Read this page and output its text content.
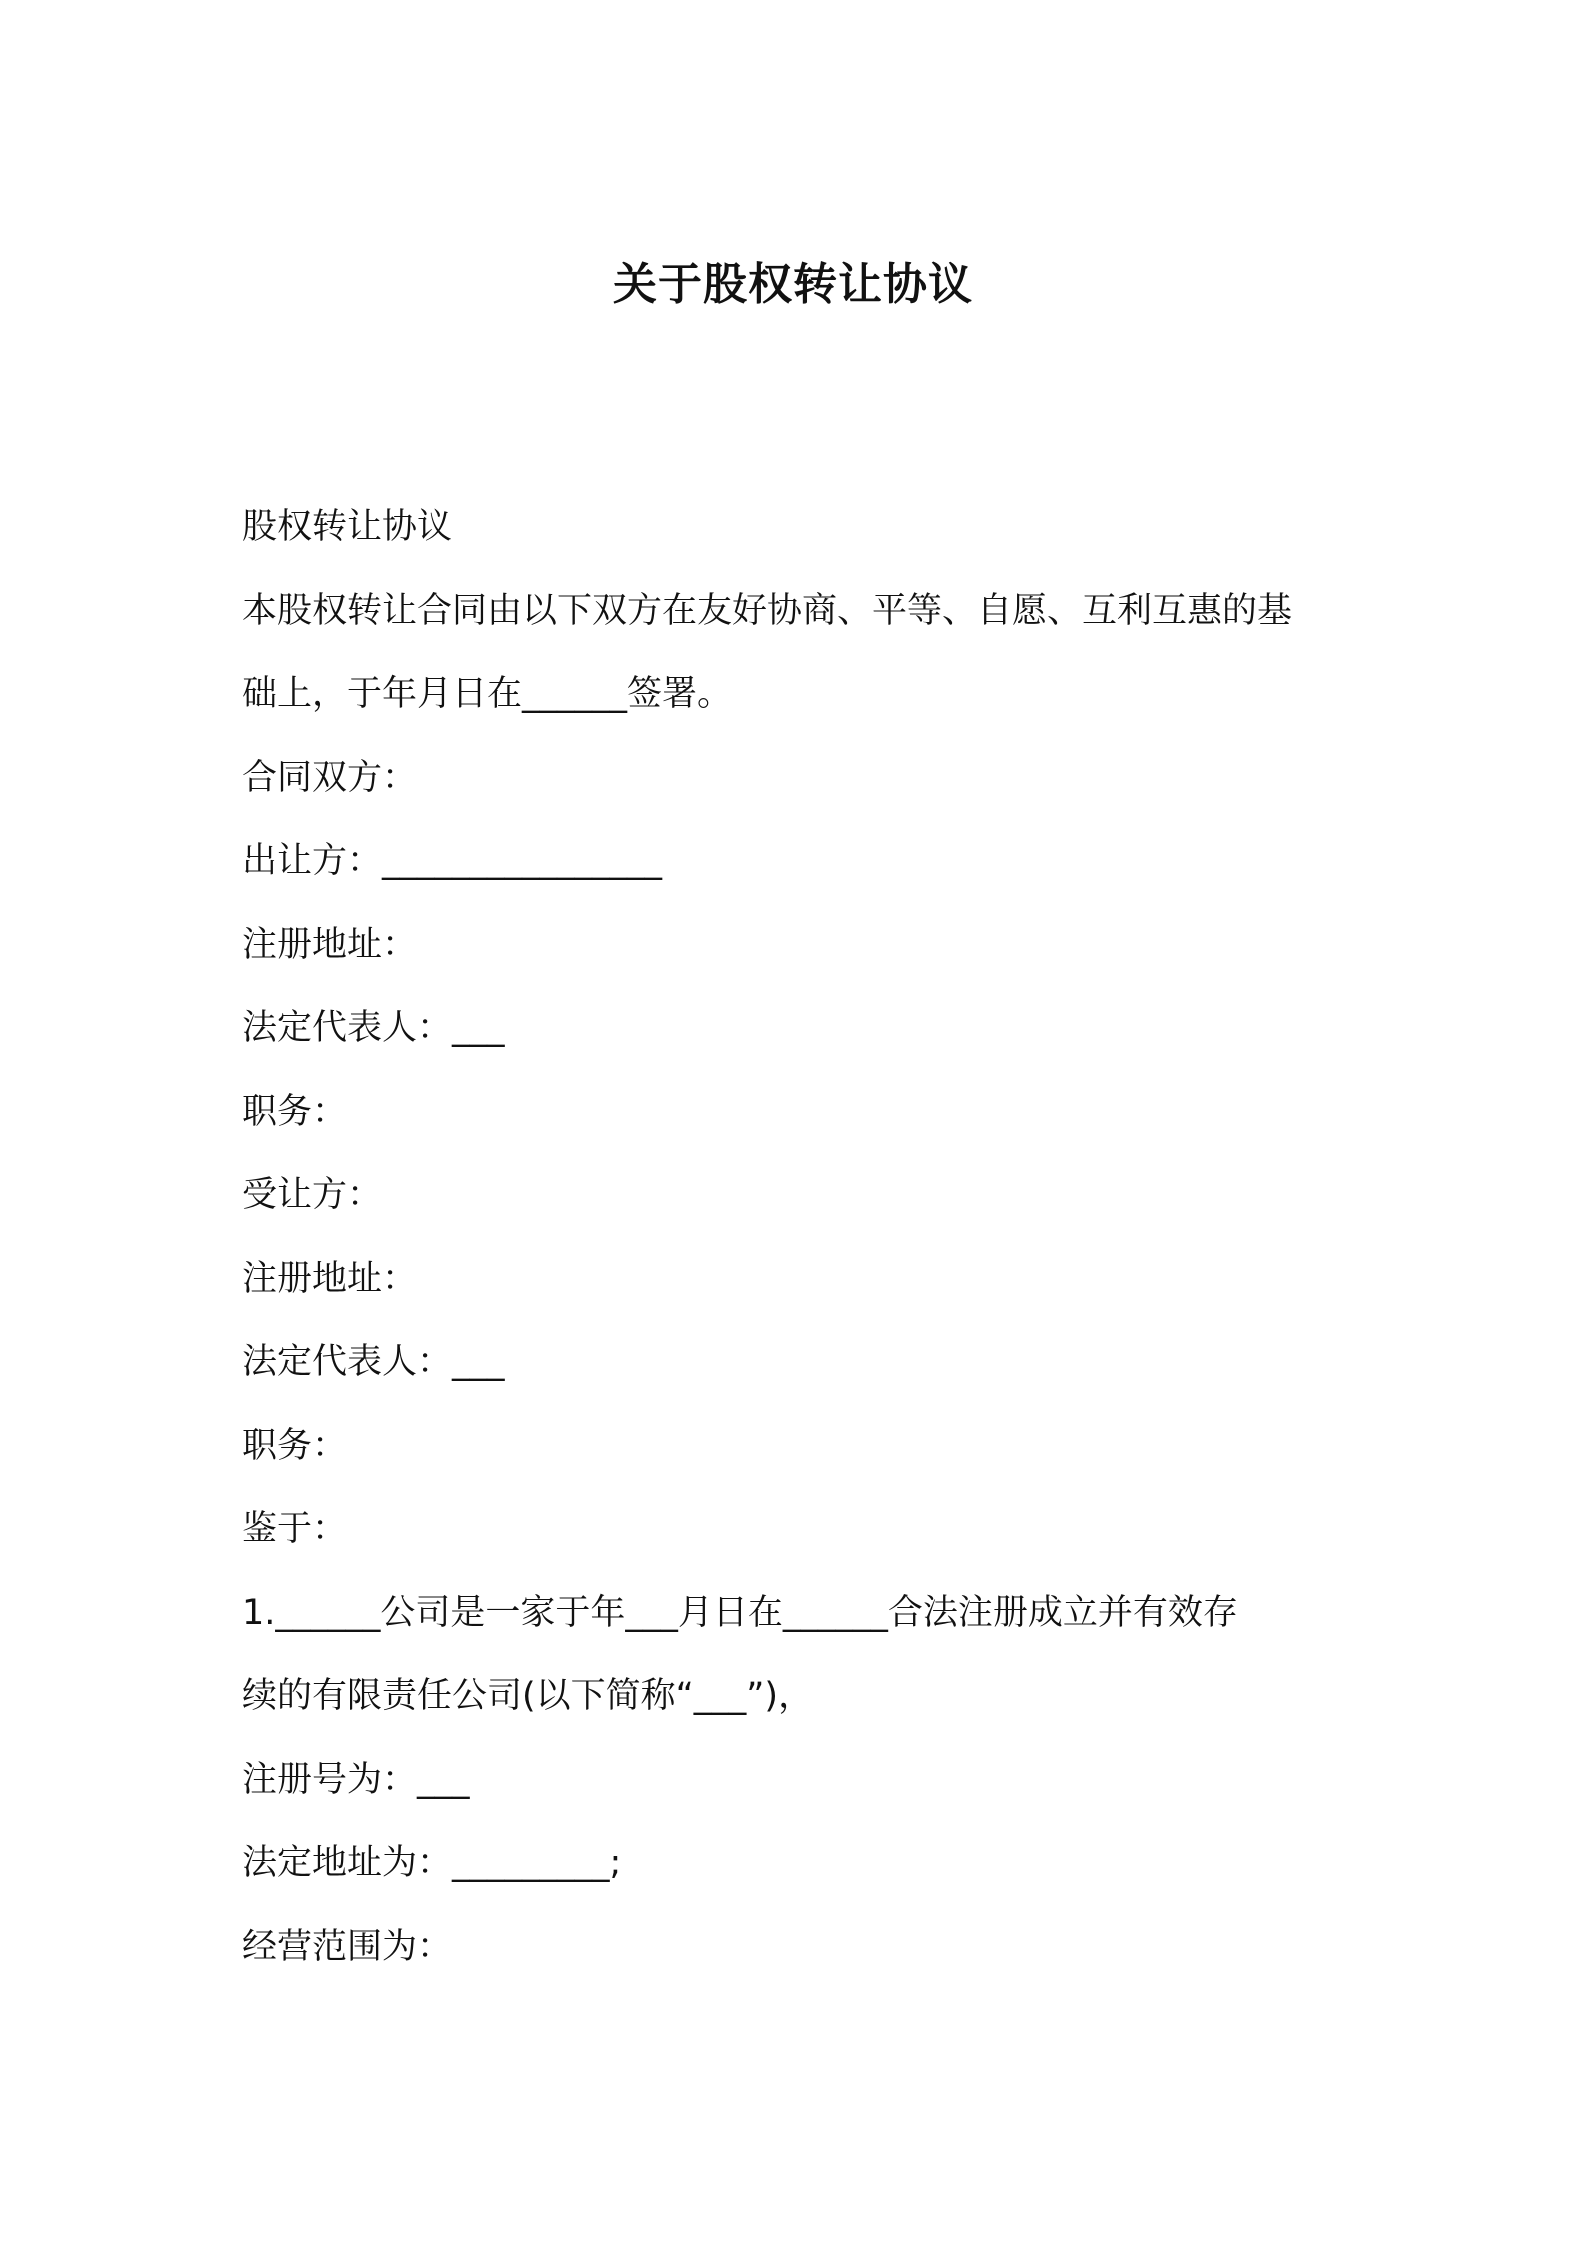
关于股权转让协议

股权转让协议

本股权转让合同由以下双方在友好协商、平等、自愿、互利互惠的基

础上，于年月日在______签署。

合同双方：

出让方：________________

注册地址：

法定代表人：___

职务：

受让方：

注册地址：

法定代表人：___

职务：

鉴于：

1.______公司是一家于年___月日在______合法注册成立并有效存

续的有限责任公司(以下简称“___”)，

注册号为：___

法定地址为：_________;

经营范围为：
